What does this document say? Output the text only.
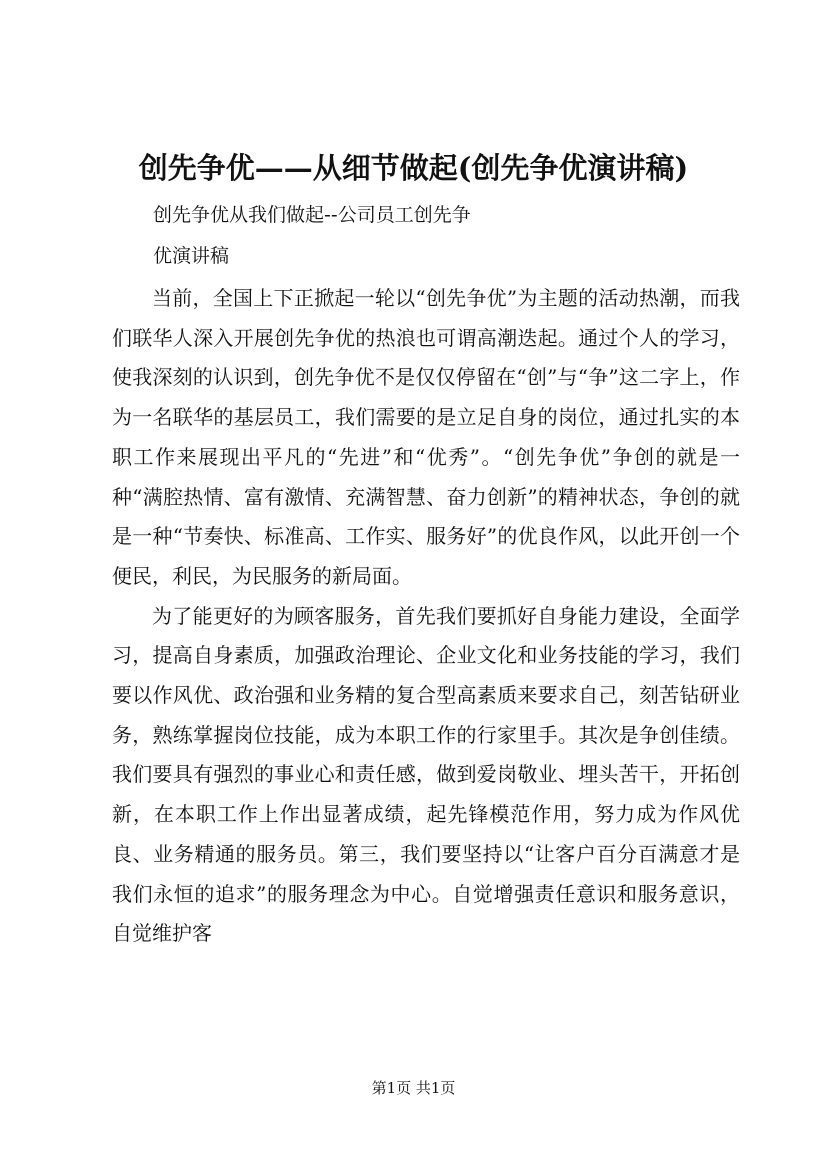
创先争优——从细节做起(创先争优演讲稿)
创先争优从我们做起--公司员工创先争
优演讲稿

当前，全国上下正掀起一轮以“创先争优”为主题的活动热潮，而我们联华人深入开展创先争优的热浪也可谓高潮迭起。通过个人的学习，使我深刻的认识到，创先争优不是仅仅停留在“创”与“争”这二字上，作为一名联华的基层员工，我们需要的是立足自身的岗位，通过扎实的本职工作来展现出平凡的“先进”和“优秀”。“创先争优”争创的就是一种“满腔热情、富有激情、充满智慧、奋力创新”的精神状态，争创的就是一种“节奏快、标准高、工作实、服务好”的优良作风，以此开创一个便民，利民，为民服务的新局面。

为了能更好的为顾客服务，首先我们要抓好自身能力建设，全面学习，提高自身素质，加强政治理论、企业文化和业务技能的学习，我们要以作风优、政治强和业务精的复合型高素质来要求自己，刻苦钻研业务，熟练掌握岗位技能，成为本职工作的行家里手。其次是争创佳绩。我们要具有强烈的事业心和责任感，做到爱岗敬业、埋头苦干，开拓创新，在本职工作上作出显著成绩，起先锋模范作用，努力成为作风优良、业务精通的服务员。第三，我们要坚持以“让客户百分百满意才是我们永恒的追求”的服务理念为中心。自觉增强责任意识和服务意识，自觉维护客

第1页 共1页
